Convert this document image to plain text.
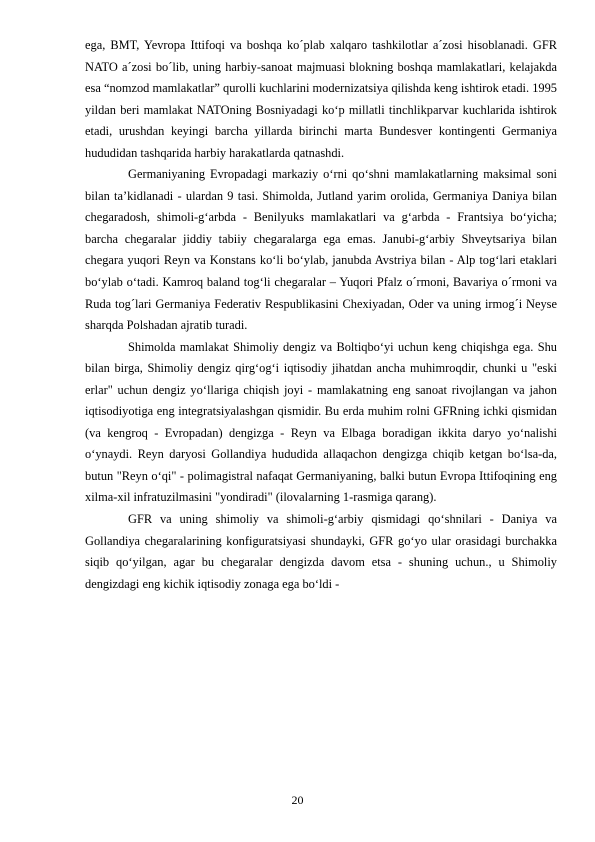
ega, BMT, Yevropa Ittifoqi va boshqa ko´plab xalqaro tashkilotlar a´zosi hisoblanadi. GFR NATO a´zosi bo´lib, uning harbiy-sanoat majmuasi blokning boshqa mamlakatlari, kelajakda esa “nomzod mamlakatlar” qurolli kuchlarini modernizatsiya qilishda keng ishtirok etadi. 1995 yildan beri mamlakat NATOning Bosniyadagi ko‘p millatli tinchlikparvar kuchlarida ishtirok etadi, urushdan keyingi barcha yillarda birinchi marta Bundesver kontingenti Germaniya hududidan tashqarida harbiy harakatlarda qatnashdi.

Germaniyaning Evropadagi markaziy o‘rni qo‘shni mamlakatlarning maksimal soni bilan ta’kidlanadi - ulardan 9 tasi. Shimolda, Jutland yarim orolida, Germaniya Daniya bilan chegaradosh, shimoli-g‘arbda - Benilyuks mamlakatlari va g‘arbda - Frantsiya bo‘yicha; barcha chegaralar jiddiy tabiiy chegaralarga ega emas. Janubi-g‘arbiy Shveytsariya bilan chegara yuqori Reyn va Konstans ko‘li bo‘ylab, janubda Avstriya bilan - Alp tog‘lari etaklari bo‘ylab o‘tadi. Kamroq baland tog‘li chegaralar – Yuqori Pfalz o´rmoni, Bavariya o´rmoni va Ruda tog´lari Germaniya Federativ Respublikasini Chexiyadan, Oder va uning irmog´i Neyse sharqda Polshadan ajratib turadi.

Shimolda mamlakat Shimoliy dengiz va Boltiqbo‘yi uchun keng chiqishga ega. Shu bilan birga, Shimoliy dengiz qirg‘og‘i iqtisodiy jihatdan ancha muhimroqdir, chunki u "eski erlar" uchun dengiz yo‘llariga chiqish joyi - mamlakatning eng sanoat rivojlangan va jahon iqtisodiyotiga eng integratsiyalashgan qismidir. Bu erda muhim rolni GFRning ichki qismidan (va kengroq - Evropadan) dengizga - Reyn va Elbaga boradigan ikkita daryo yo‘nalishi o‘ynaydi. Reyn daryosi Gollandiya hududida allaqachon dengizga chiqib ketgan bo‘lsa-da, butun "Reyn o‘qi" - polimagistral nafaqat Germaniyaning, balki butun Evropa Ittifoqining eng xilma-xil infratuzilmasini "yondiradi" (ilovalarning 1-rasmiga qarang).

GFR va uning shimoliy va shimoli-g‘arbiy qismidagi qo‘shnilari - Daniya va Gollandiya chegaralarining konfiguratsiyasi shundayki, GFR go‘yo ular orasidagi burchakka siqib qo‘yilgan, agar bu chegaralar dengizda davom etsa - shuning uchun., u Shimoliy dengizdagi eng kichik iqtisodiy zonaga ega bo‘ldi -

20
